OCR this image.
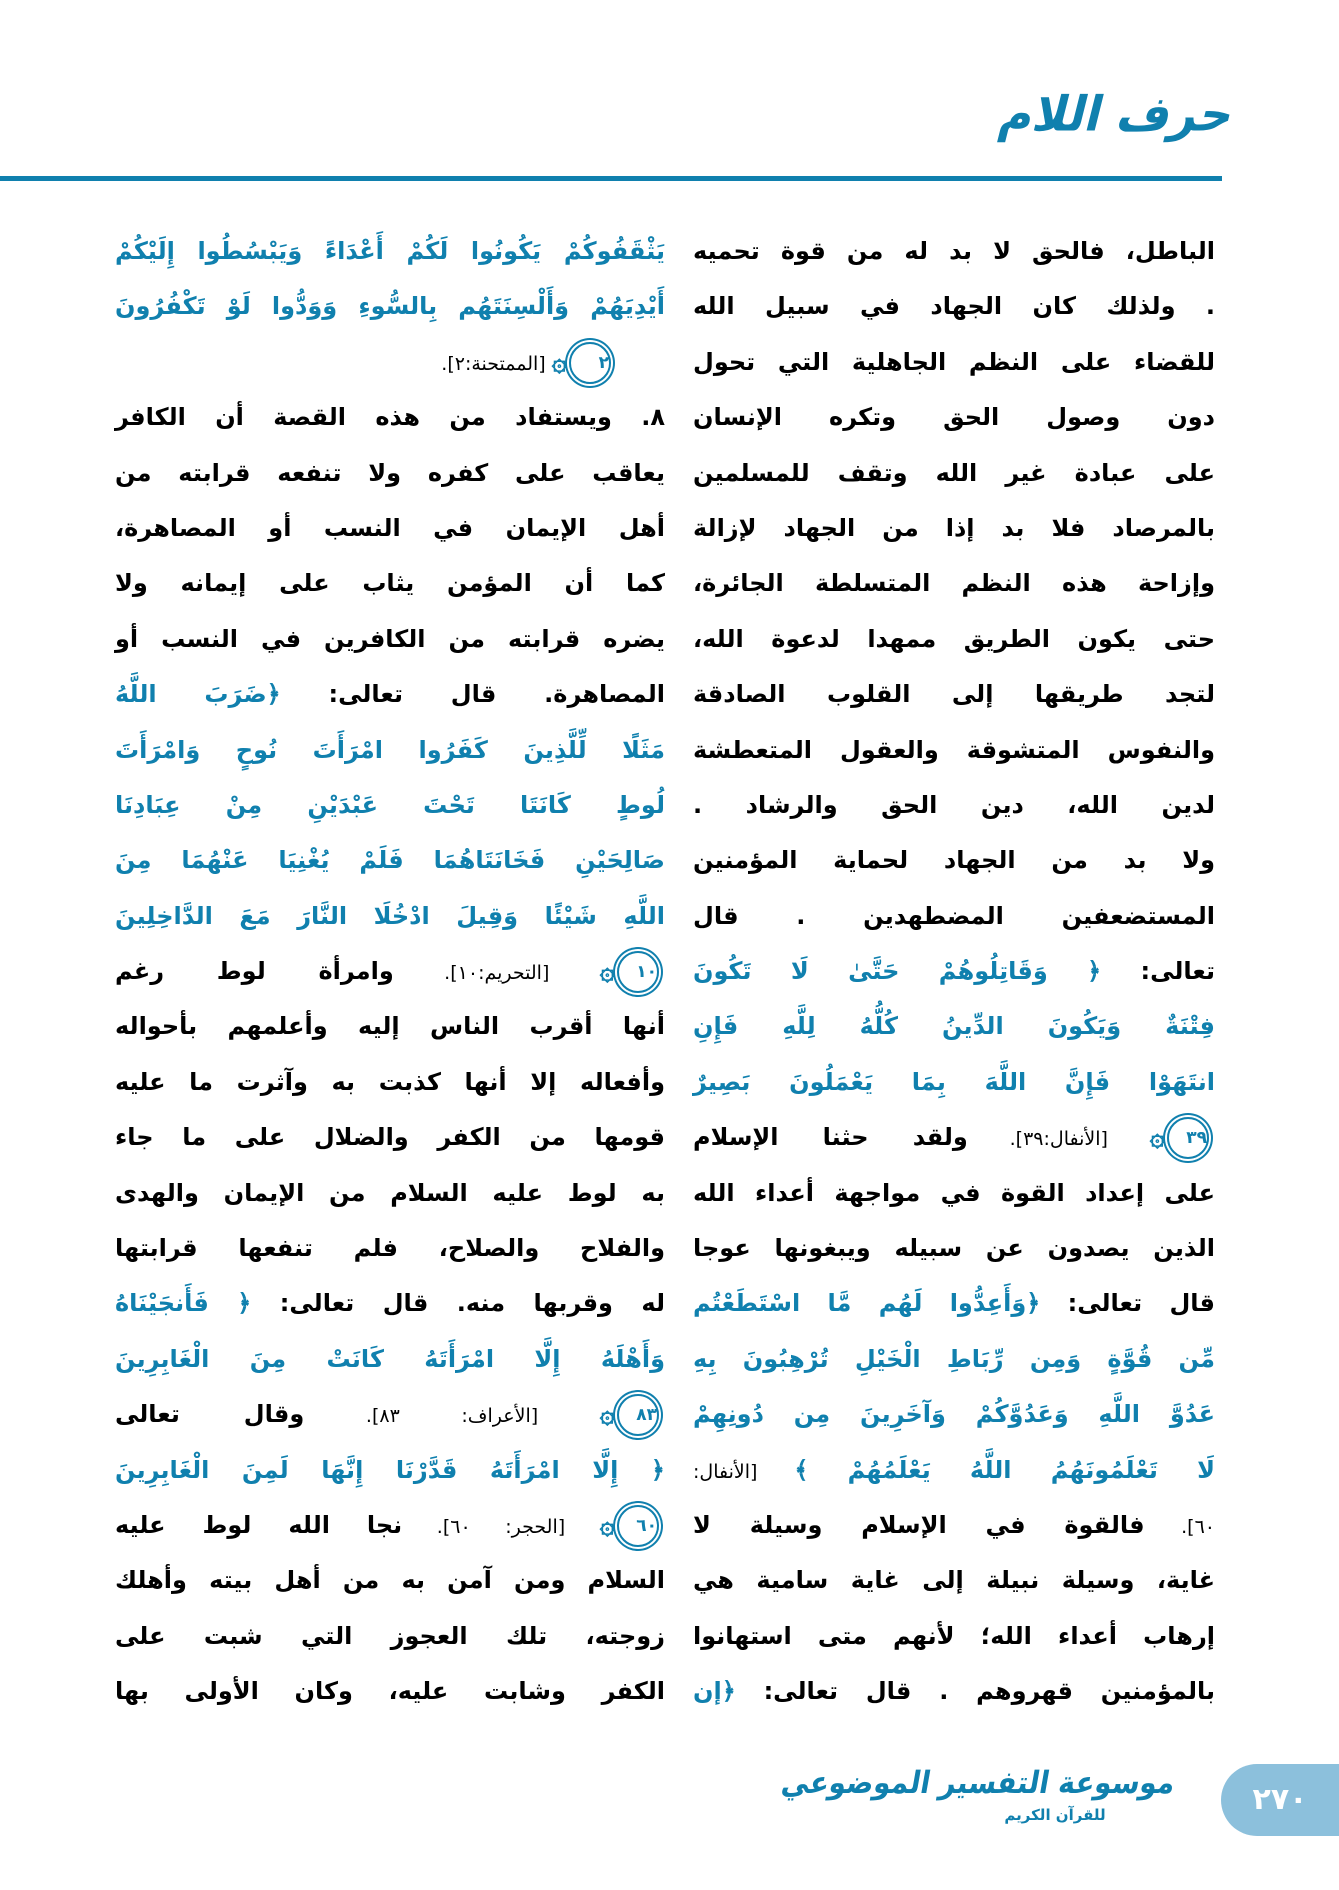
حرف اللام
الباطل، فالحق لا بد له من قوة تحميه
. ولذلك كان الجهاد في سبيل الله
للقضاء على النظم الجاهلية التي تحول
دون وصول الحق وتكره الإنسان
على عبادة غير الله وتقف للمسلمين
بالمرصاد فلا بد إذا من الجهاد لإزالة
وإزاحة هذه النظم المتسلطة الجائرة،
حتى يكون الطريق ممهدا لدعوة الله،
لتجد طريقها إلى القلوب الصادقة
والنفوس المتشوقة والعقول المتعطشة
لدين الله، دين الحق والرشاد .
ولا بد من الجهاد لحماية المؤمنين
المستضعفين المضطهدين . قال
تعالى: ﴿ وَقَاتِلُوهُمْ حَتَّىٰ لَا تَكُونَ
فِتْنَةٌ وَيَكُونَ الدِّينُ كُلُّهُ لِلَّهِ فَإِنِ
انتَهَوْا فَإِنَّ اللَّهَ بِمَا يَعْمَلُونَ بَصِيرٌ
٣٩۞ [الأنفال:٣٩]. ولقد حثنا الإسلام
على إعداد القوة في مواجهة أعداء الله
الذين يصدون عن سبيله ويبغونها عوجا
قال تعالى: ﴿وَأَعِدُّوا لَهُم مَّا اسْتَطَعْتُم
مِّن قُوَّةٍ وَمِن رِّبَاطِ الْخَيْلِ تُرْهِبُونَ بِهِ
عَدُوَّ اللَّهِ وَعَدُوَّكُمْ وَآخَرِينَ مِن دُونِهِمْ
لَا تَعْلَمُونَهُمُ اللَّهُ يَعْلَمُهُمْ ﴾ [الأنفال:
٦٠]. فالقوة في الإسلام وسيلة لا
غاية، وسيلة نبيلة إلى غاية سامية هي
إرهاب أعداء الله؛ لأنهم متى استهانوا
بالمؤمنين قهروهم . قال تعالى: ﴿إن
يَثْقَفُوكُمْ يَكُونُوا لَكُمْ أَعْدَاءً وَيَبْسُطُوا إِلَيْكُمْ
أَيْدِيَهُمْ وَأَلْسِنَتَهُم بِالسُّوءِ وَوَدُّوا لَوْ تَكْفُرُونَ
٢۞ [الممتحنة:٢].
٨. ويستفاد من هذه القصة أن الكافر
يعاقب على كفره ولا تنفعه قرابته من
أهل الإيمان في النسب أو المصاهرة،
كما أن المؤمن يثاب على إيمانه ولا
يضره قرابته من الكافرين في النسب أو
المصاهرة. قال تعالى: ﴿ضَرَبَ اللَّهُ
مَثَلًا لِّلَّذِينَ كَفَرُوا امْرَأَتَ نُوحٍ وَامْرَأَتَ
لُوطٍ كَانَتَا تَحْتَ عَبْدَيْنِ مِنْ عِبَادِنَا
صَالِحَيْنِ فَخَانَتَاهُمَا فَلَمْ يُغْنِيَا عَنْهُمَا مِنَ
اللَّهِ شَيْئًا وَقِيلَ ادْخُلَا النَّارَ مَعَ الدَّاخِلِينَ
١٠۞ [التحريم:١٠]. وامرأة لوط رغم
أنها أقرب الناس إليه وأعلمهم بأحواله
وأفعاله إلا أنها كذبت به وآثرت ما عليه
قومها من الكفر والضلال على ما جاء
به لوط عليه السلام من الإيمان والهدى
والفلاح والصلاح، فلم تنفعها قرابتها
له وقربها منه. قال تعالى: ﴿ فَأَنجَيْنَاهُ
وَأَهْلَهُ إِلَّا امْرَأَتَهُ كَانَتْ مِنَ الْغَابِرِينَ
٨٣۞ [الأعراف: ٨٣]. وقال تعالى
﴿ إِلَّا امْرَأَتَهُ قَدَّرْنَا إِنَّهَا لَمِنَ الْغَابِرِينَ
٦٠۞ [الحجر: ٦٠]. نجا الله لوط عليه
السلام ومن آمن به من أهل بيته وأهلك
زوجته، تلك العجوز التي شبت على
الكفر وشابت عليه، وكان الأولى بها
موسوعة التفسير الموضوعي
للقرآن الكريم	٢٧٠
